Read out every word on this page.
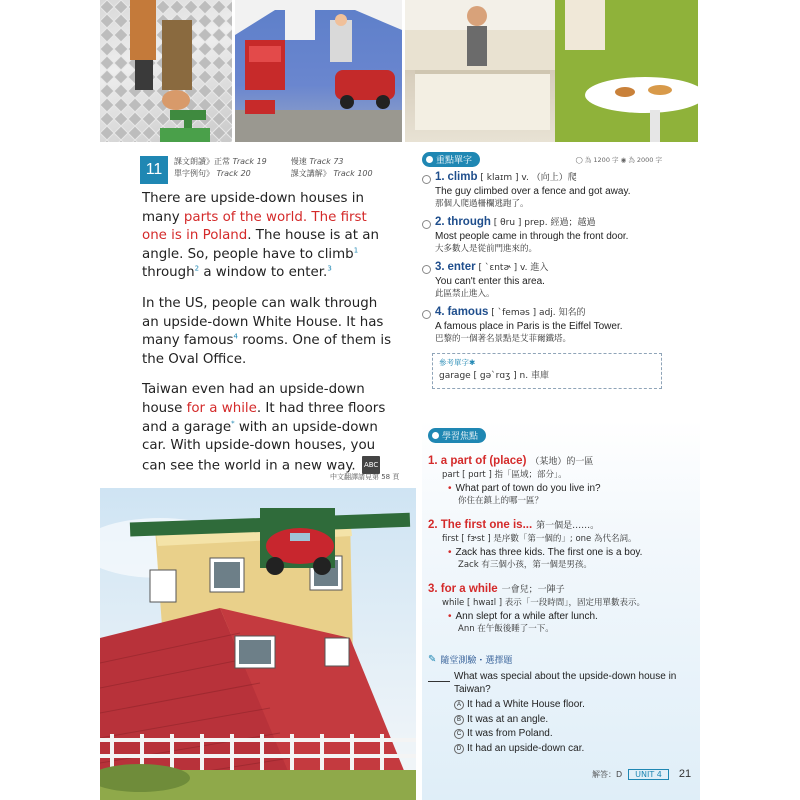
11	課文朗讀》正常 Track 19	慢速 Track 73
單字例句》 Track 20	課文講解》 Track 100

There are upside-down houses in many parts of the world. The first one is in Poland. The house is at an angle. So, people have to climb$^1$ through$^2$ a window to enter.$^3$

In the US, people can walk through an upside-down White House. It has many famous$^4$ rooms. One of them is the Oval Office.

Taiwan even had an upside-down house for a while. It had three floors and a garage* with an upside-down car. With upside-down houses, you can see the world in a new way. ABC

中文翻譯請見第 58 頁
重點單字	◯ 為 1200 字 ◉ 為 2000 字
1. climb [ klaɪm ] v. （向上）爬
The guy climbed over a fence and got away.
那個人爬過柵欄逃跑了。
2. through [ θru ] prep. 經過；越過
Most people came in through the front door.
大多數人是從前門進來的。
3. enter [ ˋɛntɚ ] v. 進入
You can't enter this area.
此區禁止進入。
4. famous [ ˋfeməs ] adj. 知名的
A famous place in Paris is the Eiffel Tower.
巴黎的一個著名景點是艾菲爾鐵塔。
參考單字✱
garage [ gəˋrɑʒ ] n. 車庫
學習焦點
1. a part of (place) （某地）的一區
part [ pɑrt ] 指「區域；部分」。
• What part of town do you live in?
你住在鎮上的哪一區？
2. The first one is... 第一個是……。
first [ fɝst ] 是序數「第一個的」; one 為代名詞。
• Zack has three kids. The first one is a boy.
Zack 有三個小孩，第一個是男孩。
3. for a while 一會兒；一陣子
while [ hwaɪl ] 表示「一段時間」，固定用單數表示。
• Ann slept for a while after lunch.
Ann 在午飯後睡了一下。
✎ 隨堂測驗・選擇題
What was special about the upside-down house in Taiwan?
A It had a White House floor.
B It was at an angle.
C It was from Poland.
D It had an upside-down car.
解答：D	UNIT 4	21
